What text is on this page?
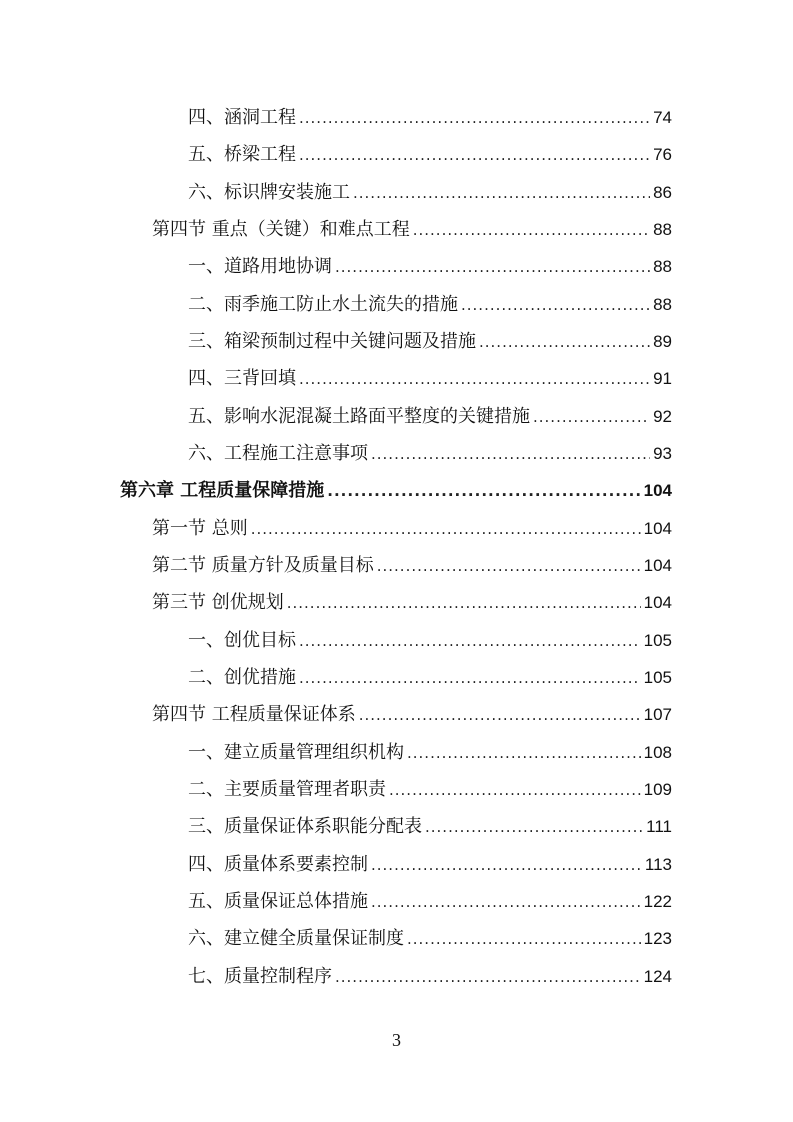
四、涵洞工程 .....	74
五、桥梁工程 .....	76
六、标识牌安装施工 .....	86
第四节 重点（关键）和难点工程 .....	88
一、道路用地协调 .....	88
二、雨季施工防止水土流失的措施 .....	88
三、箱梁预制过程中关键问题及措施 .....	89
四、三背回填 .....	91
五、影响水泥混凝土路面平整度的关键措施 .....	92
六、工程施工注意事项 .....	93
第六章 工程质量保障措施 .....	104
第一节 总则 .....	104
第二节 质量方针及质量目标 .....	104
第三节 创优规划 .....	104
一、创优目标 .....	105
二、创优措施 .....	105
第四节 工程质量保证体系 .....	107
一、建立质量管理组织机构 .....	108
二、主要质量管理者职责 .....	109
三、质量保证体系职能分配表 .....	111
四、质量体系要素控制 .....	113
五、质量保证总体措施 .....	122
六、建立健全质量保证制度 .....	123
七、质量控制程序 .....	124
3
